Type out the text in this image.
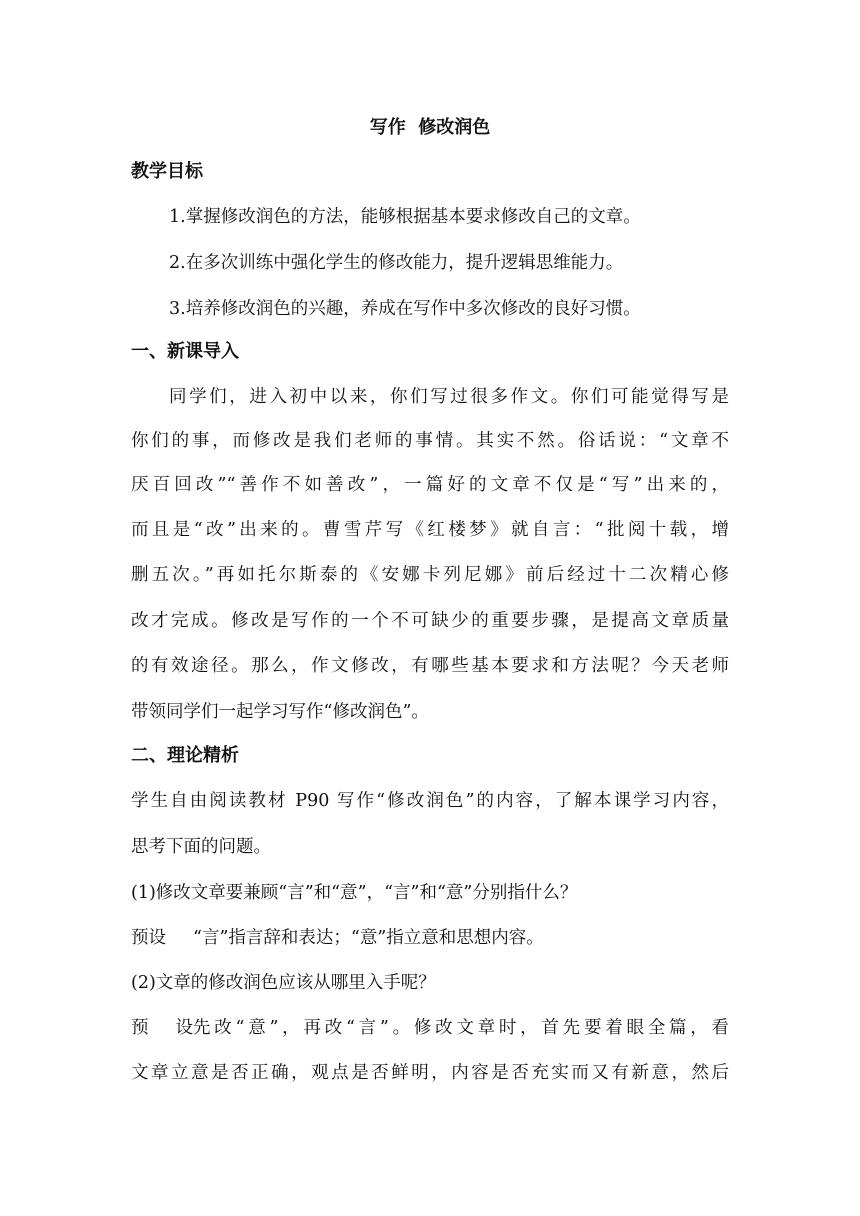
写作  修改润色
教学目标
1.掌握修改润色的方法，能够根据基本要求修改自己的文章。
2.在多次训练中强化学生的修改能力，提升逻辑思维能力。
3.培养修改润色的兴趣，养成在写作中多次修改的良好习惯。
一、新课导入
同学们，进入初中以来，你们写过很多作文。你们可能觉得写是
你们的事，而修改是我们老师的事情。其实不然。俗话说：“文章不
厌百回改”“善作不如善改”，一篇好的文章不仅是“写”出来的，
而且是“改”出来的。曹雪芹写《红楼梦》就自言：“批阅十载，增
删五次。”再如托尔斯泰的《安娜卡列尼娜》前后经过十二次精心修
改才完成。修改是写作的一个不可缺少的重要步骤，是提高文章质量
的有效途径。那么，作文修改，有哪些基本要求和方法呢？今天老师
带领同学们一起学习写作“修改润色”。
二、理论精析
学生自由阅读教材 P90 写作“修改润色”的内容，了解本课学习内容，
思考下面的问题。
(1)修改文章要兼顾“言”和“意”，“言”和“意”分别指什么？
预设 “言”指言辞和表达；“意”指立意和思想内容。
(2)文章的修改润色应该从哪里入手呢？
预设 先改“意”，再改“言”。修改文章时，首先要着眼全篇，看
文章立意是否正确，观点是否鲜明，内容是否充实而又有新意，然后
